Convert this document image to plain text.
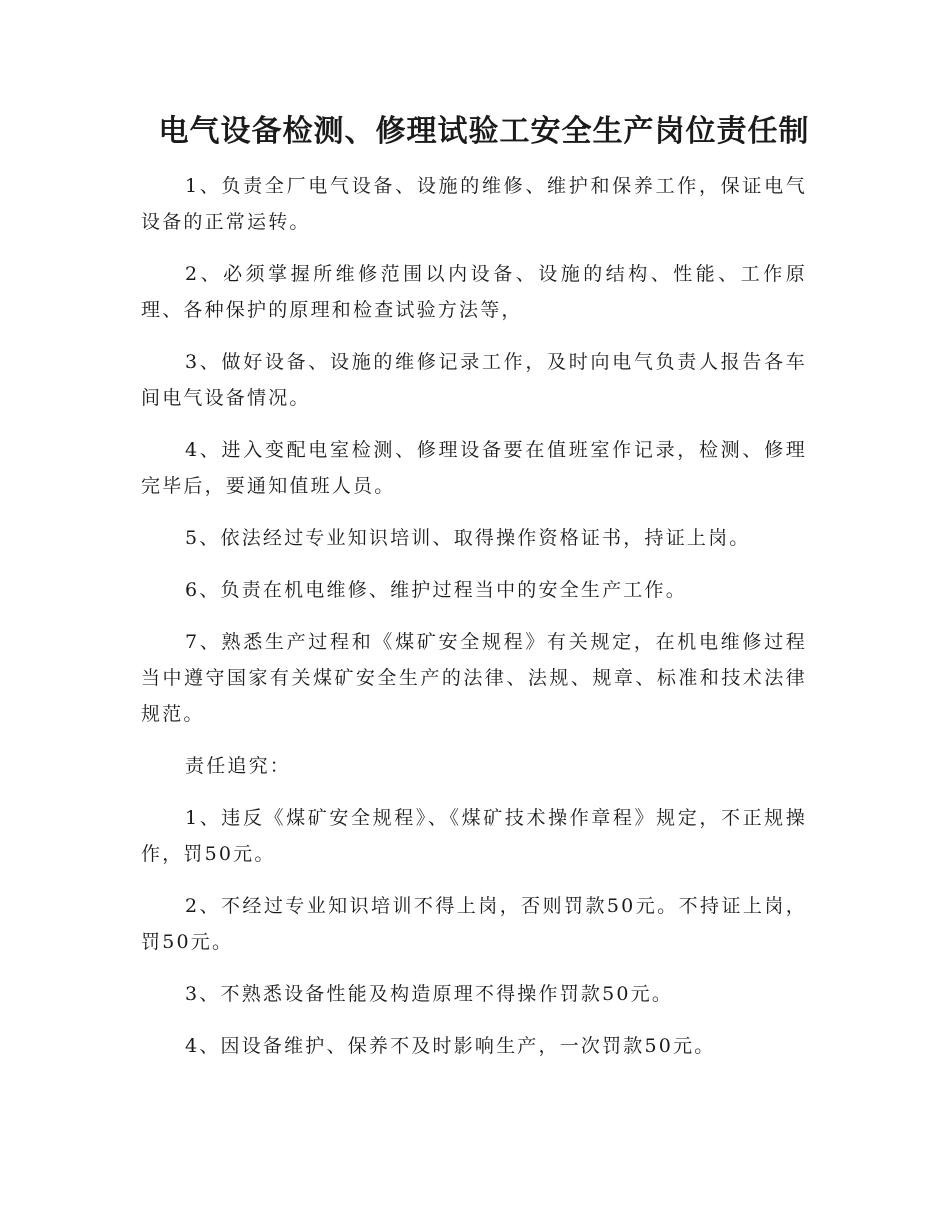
电气设备检测、修理试验工安全生产岗位责任制

1、负责全厂电气设备、设施的维修、维护和保养工作，保证电气设备的正常运转。

2、必须掌握所维修范围以内设备、设施的结构、性能、工作原理、各种保护的原理和检查试验方法等，

3、做好设备、设施的维修记录工作，及时向电气负责人报告各车间电气设备情况。

4、进入变配电室检测、修理设备要在值班室作记录，检测、修理完毕后，要通知值班人员。

5、依法经过专业知识培训、取得操作资格证书，持证上岗。

6、负责在机电维修、维护过程当中的安全生产工作。

7、熟悉生产过程和《煤矿安全规程》有关规定，在机电维修过程当中遵守国家有关煤矿安全生产的法律、法规、规章、标准和技术法律规范。

责任追究：

1、违反《煤矿安全规程》、《煤矿技术操作章程》规定，不正规操作，罚50元。

2、不经过专业知识培训不得上岗，否则罚款50元。不持证上岗，罚50元。

3、不熟悉设备性能及构造原理不得操作罚款50元。

4、因设备维护、保养不及时影响生产，一次罚款50元。
